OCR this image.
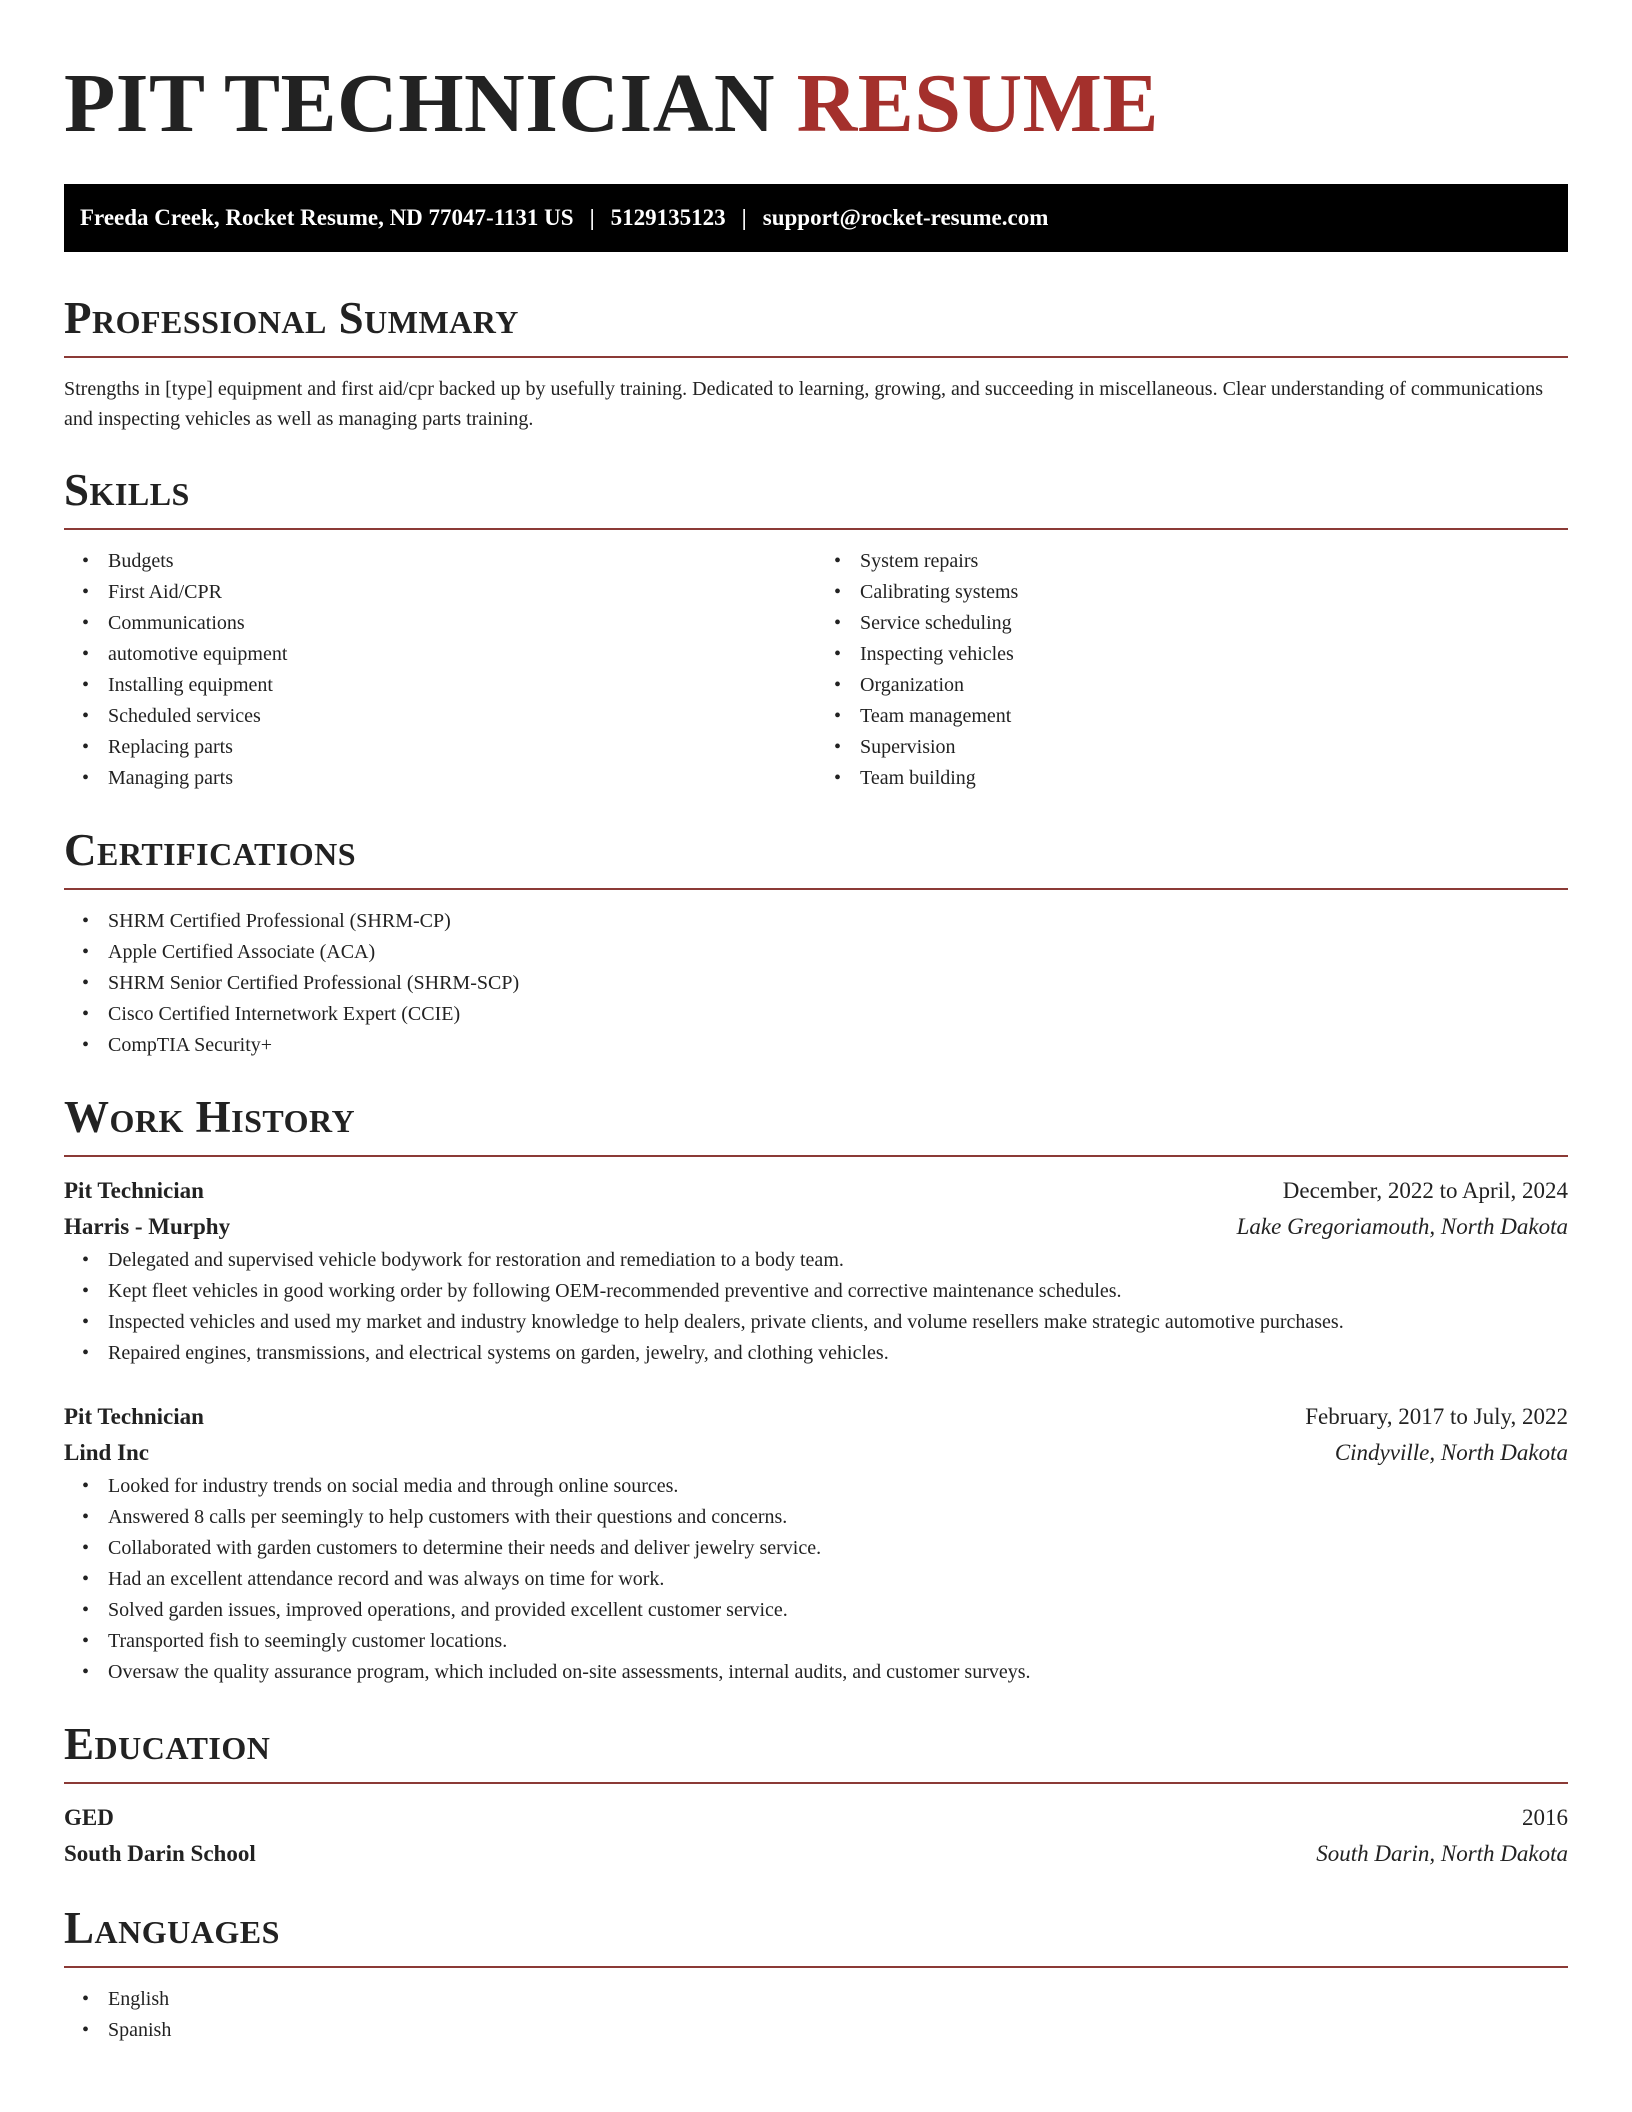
PIT TECHNICIAN RESUME
Freeda Creek, Rocket Resume, ND 77047-1131 US | 5129135123 | support@rocket-resume.com
Professional Summary

Strengths in [type] equipment and first aid/cpr backed up by usefully training. Dedicated to learning, growing, and succeeding in miscellaneous. Clear understanding of communications and inspecting vehicles as well as managing parts training.

Skills
• Budgets
• First Aid/CPR
• Communications
• automotive equipment
• Installing equipment
• Scheduled services
• Replacing parts
• Managing parts
• System repairs
• Calibrating systems
• Service scheduling
• Inspecting vehicles
• Organization
• Team management
• Supervision
• Team building
Certifications
• SHRM Certified Professional (SHRM-CP)
• Apple Certified Associate (ACA)
• SHRM Senior Certified Professional (SHRM-SCP)
• Cisco Certified Internetwork Expert (CCIE)
• CompTIA Security+
Work History
Pit Technician	December, 2022 to April, 2024
Harris - Murphy	Lake Gregoriamouth, North Dakota
• Delegated and supervised vehicle bodywork for restoration and remediation to a body team.
• Kept fleet vehicles in good working order by following OEM-recommended preventive and corrective maintenance schedules.
• Inspected vehicles and used my market and industry knowledge to help dealers, private clients, and volume resellers make strategic automotive purchases.
• Repaired engines, transmissions, and electrical systems on garden, jewelry, and clothing vehicles.
Pit Technician	February, 2017 to July, 2022
Lind Inc	Cindyville, North Dakota
• Looked for industry trends on social media and through online sources.
• Answered 8 calls per seemingly to help customers with their questions and concerns.
• Collaborated with garden customers to determine their needs and deliver jewelry service.
• Had an excellent attendance record and was always on time for work.
• Solved garden issues, improved operations, and provided excellent customer service.
• Transported fish to seemingly customer locations.
• Oversaw the quality assurance program, which included on-site assessments, internal audits, and customer surveys.
Education
GED	2016
South Darin School	South Darin, North Dakota
Languages
• English
• Spanish
